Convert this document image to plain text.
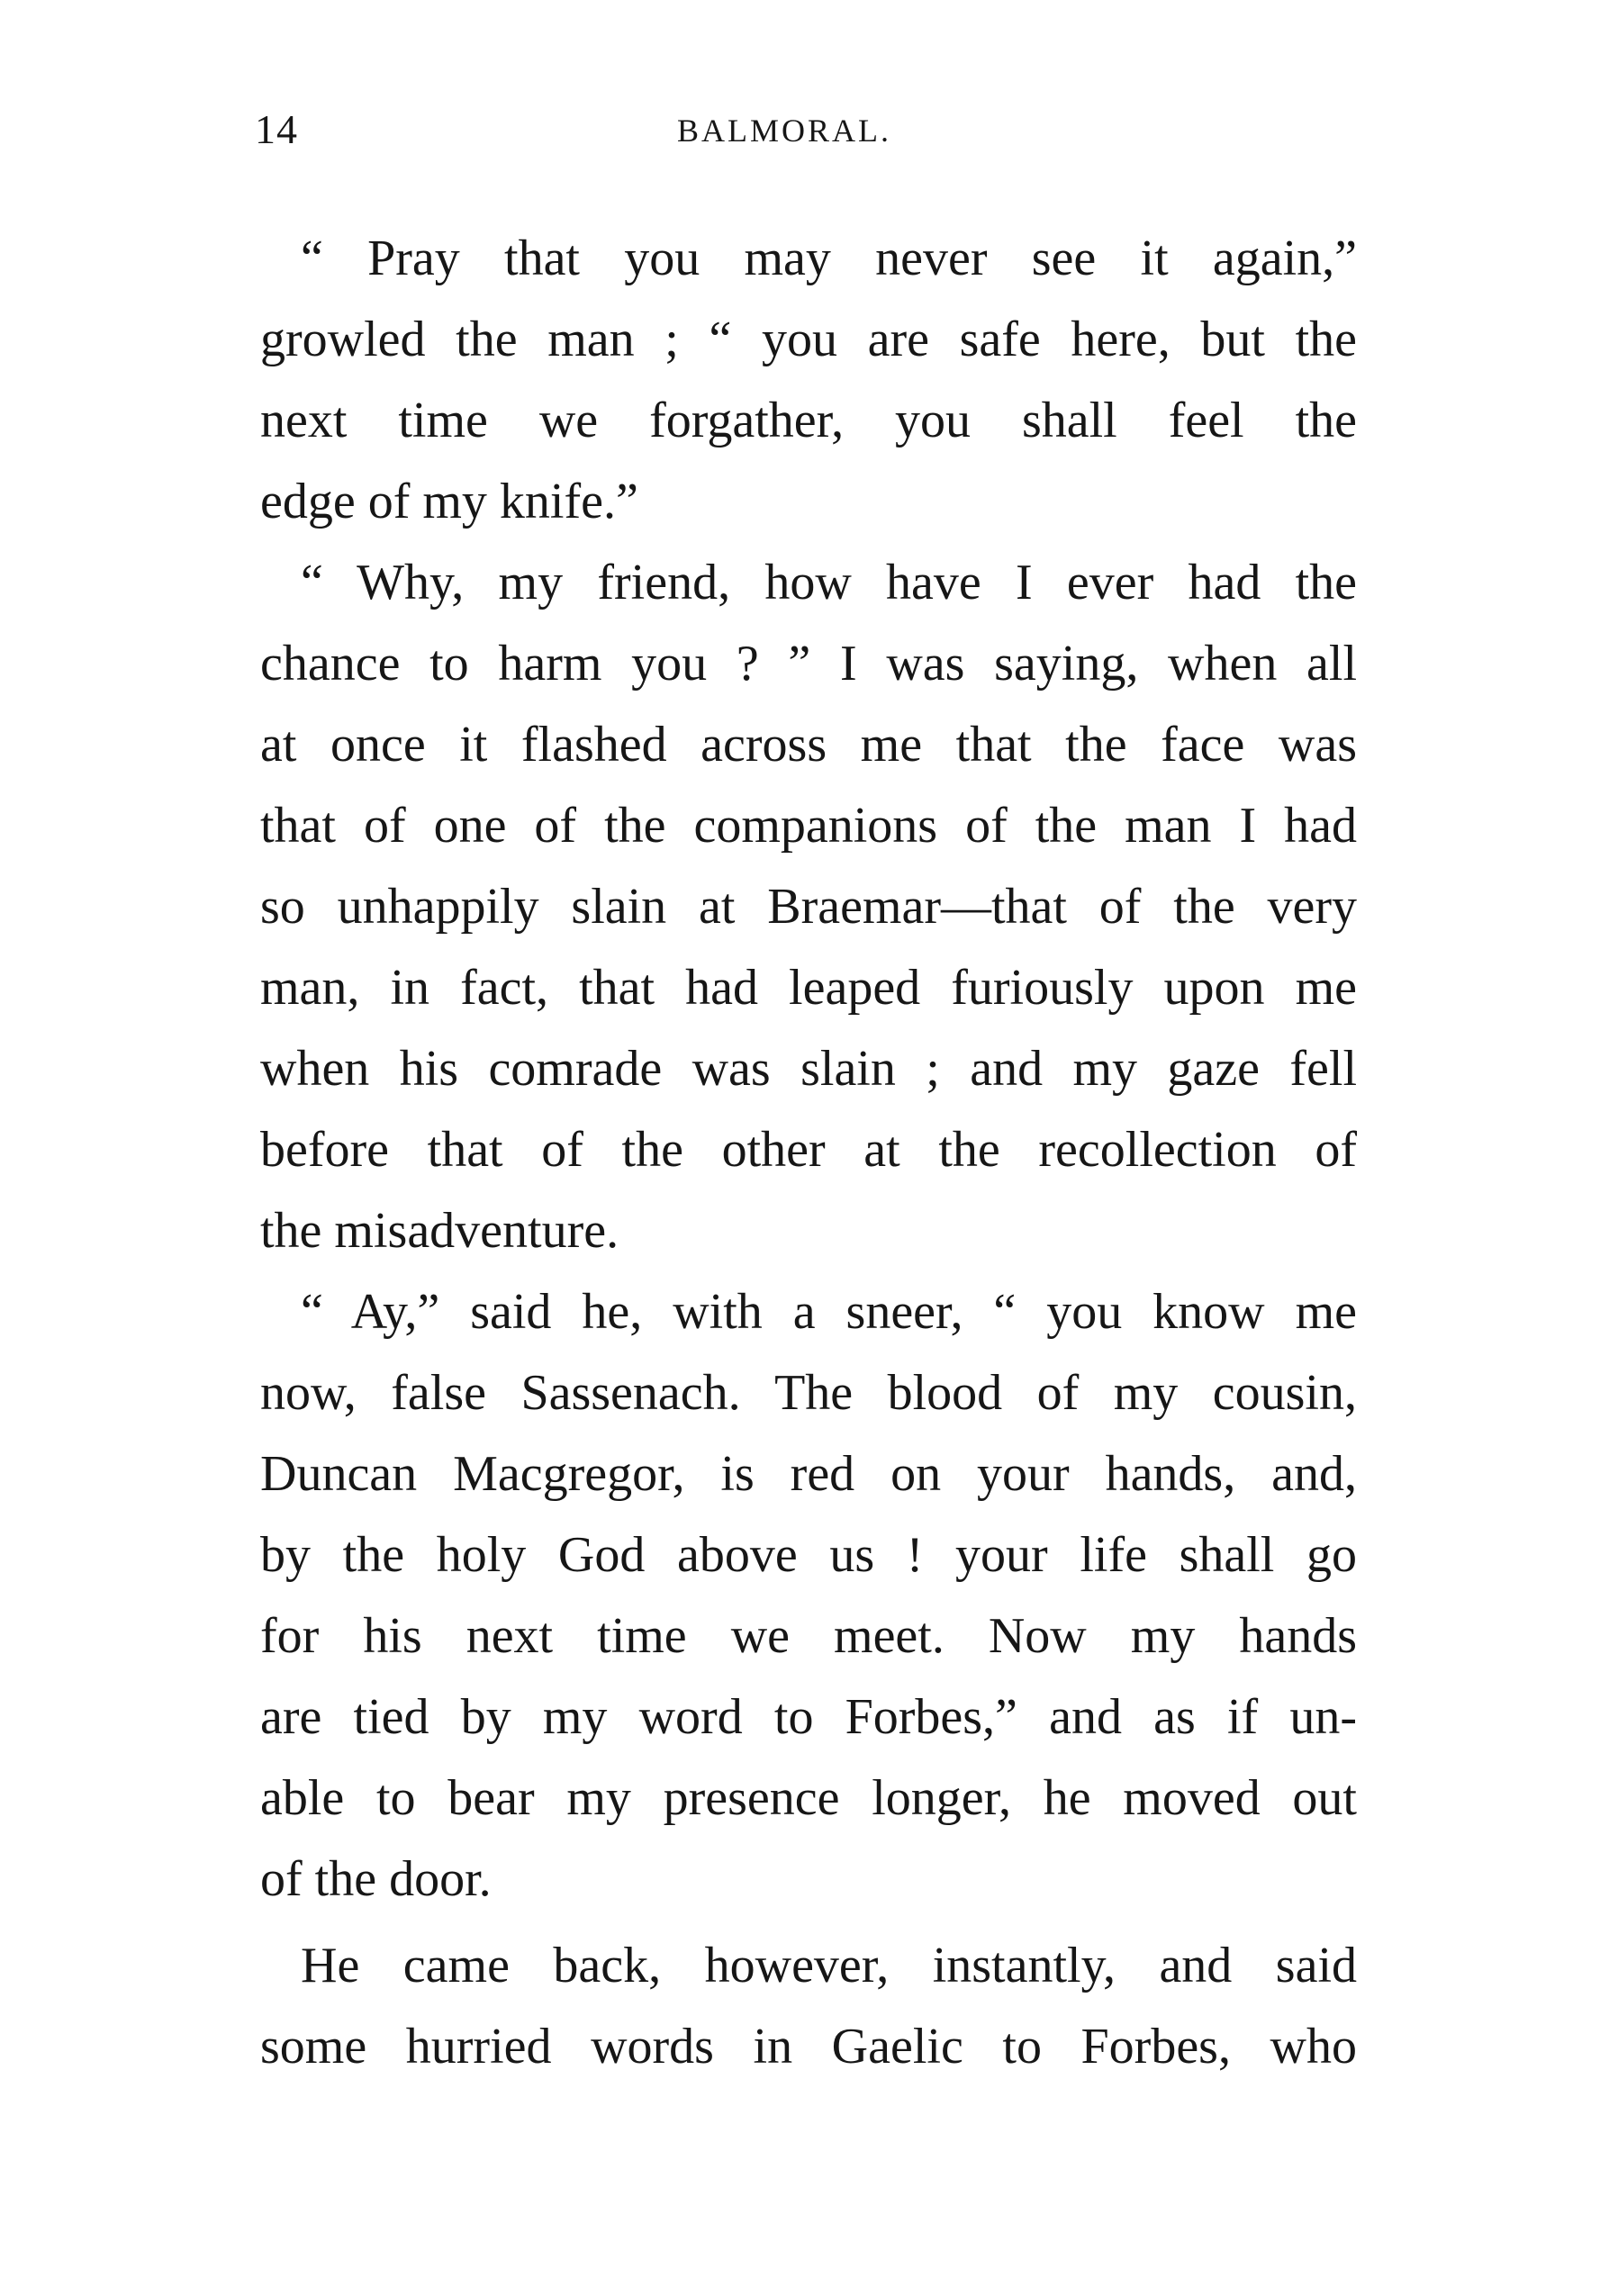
14	BALMORAL.
“ Pray that you may never see it again,”
growled the man ; “ you are safe here, but the
next time we forgather, you shall feel the
edge of my knife.”
“ Why, my friend, how have I ever had the
chance to harm you ? ” I was saying, when all
at once it flashed across me that the face was
that of one of the companions of the man I had
so unhappily slain at Braemar—that of the very
man, in fact, that had leaped furiously upon me
when his comrade was slain ; and my gaze fell
before that of the other at the recollection of
the misadventure.
“ Ay,” said he, with a sneer, “ you know me
now, false Sassenach. The blood of my cousin,
Duncan Macgregor, is red on your hands, and,
by the holy God above us ! your life shall go
for his next time we meet. Now my hands
are tied by my word to Forbes,” and as if un-
able to bear my presence longer, he moved out
of the door.
He came back, however, instantly, and said
some hurried words in Gaelic to Forbes, who
